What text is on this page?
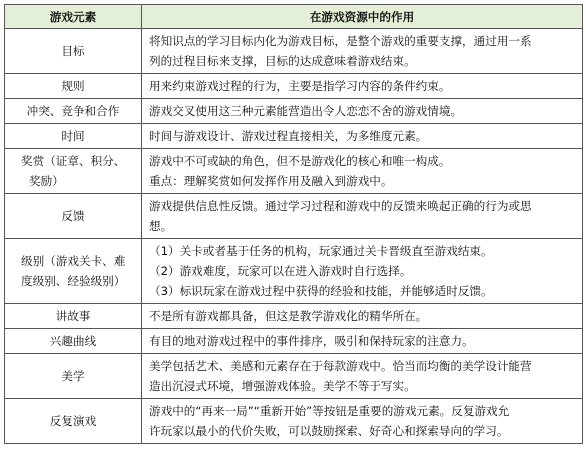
游戏元素	在游戏资源中的作用

目标	将知识点的学习目标内化为游戏目标，是整个游戏的重要支撑，通过用一系
列的过程目标来支撑，目标的达成意味着游戏结束。

规则	用来约束游戏过程的行为，主要是指学习内容的条件约束。

冲突、竞争和合作	游戏交叉使用这三种元素能营造出令人恋恋不舍的游戏情境。

时间	时间与游戏设计、游戏过程直接相关，为多维度元素。

奖赏（证章、积分、
奖励）	游戏中不可或缺的角色，但不是游戏化的核心和唯一构成。
重点：理解奖赏如何发挥作用及融入到游戏中。

反馈	游戏提供信息性反馈。通过学习过程和游戏中的反馈来唤起正确的行为或思
想。

级别（游戏关卡、难
度级别、经验级别）	（1）关卡或者基于任务的机构，玩家通过关卡晋级直至游戏结束。
（2）游戏难度，玩家可以在进入游戏时自行选择。
（3）标识玩家在游戏过程中获得的经验和技能，并能够适时反馈。

讲故事	不是所有游戏都具备，但这是教学游戏化的精华所在。

兴趣曲线	有目的地对游戏过程中的事件排序，吸引和保持玩家的注意力。

美学	美学包括艺术、美感和元素存在于每款游戏中。恰当而均衡的美学设计能营
造出沉浸式环境，增强游戏体验。美学不等于写实。

反复演戏	游戏中的“再来一局”“重新开始”等按钮是重要的游戏元素。反复游戏允
许玩家以最小的代价失败，可以鼓励探索、好奇心和探索导向的学习。
